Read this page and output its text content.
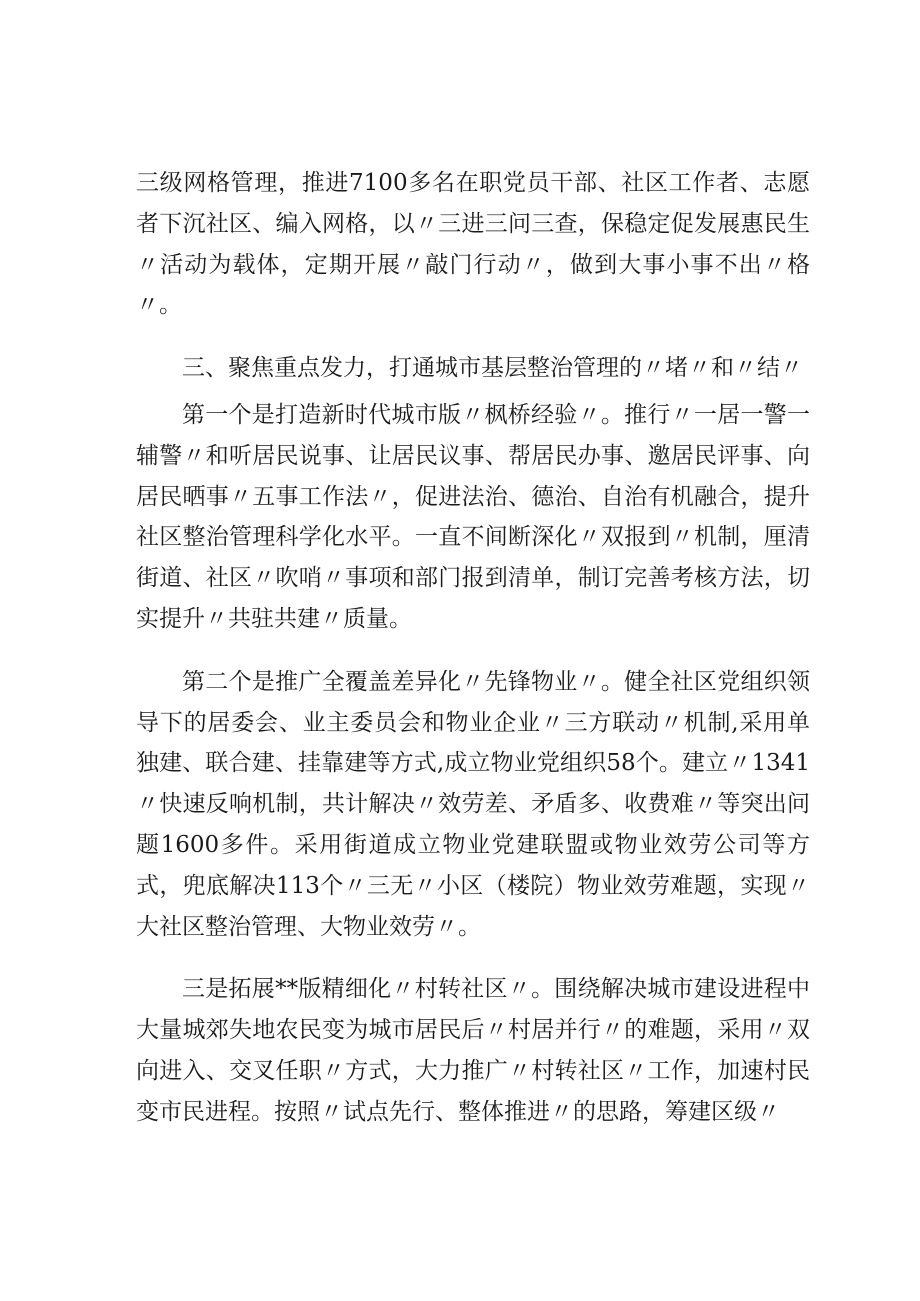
三级网格管理，推进7100多名在职党员干部、社区工作者、志愿者下沉社区、编入网格，以〃三进三问三查，保稳定促发展惠民生〃活动为载体，定期开展〃敲门行动〃，做到大事小事不出〃格〃。

三、聚焦重点发力，打通城市基层整治管理的〃堵〃和〃结〃

第一个是打造新时代城市版〃枫桥经验〃。推行〃一居一警一辅警〃和听居民说事、让居民议事、帮居民办事、邀居民评事、向居民晒事〃五事工作法〃，促进法治、德治、自治有机融合，提升社区整治管理科学化水平。一直不间断深化〃双报到〃机制，厘清街道、社区〃吹哨〃事项和部门报到清单，制订完善考核方法，切实提升〃共驻共建〃质量。

第二个是推广全覆盖差异化〃先锋物业〃。健全社区党组织领导下的居委会、业主委员会和物业企业〃三方联动〃机制,采用单独建、联合建、挂靠建等方式,成立物业党组织58个。建立〃1341〃快速反响机制，共计解决〃效劳差、矛盾多、收费难〃等突出问题1600多件。采用街道成立物业党建联盟或物业效劳公司等方式，兜底解决113个〃三无〃小区（楼院）物业效劳难题，实现〃大社区整治管理、大物业效劳〃。

三是拓展**版精细化〃村转社区〃。围绕解决城市建设进程中大量城郊失地农民变为城市居民后〃村居并行〃的难题，采用〃双向进入、交叉任职〃方式，大力推广〃村转社区〃工作，加速村民变市民进程。按照〃试点先行、整体推进〃的思路，筹建区级〃
